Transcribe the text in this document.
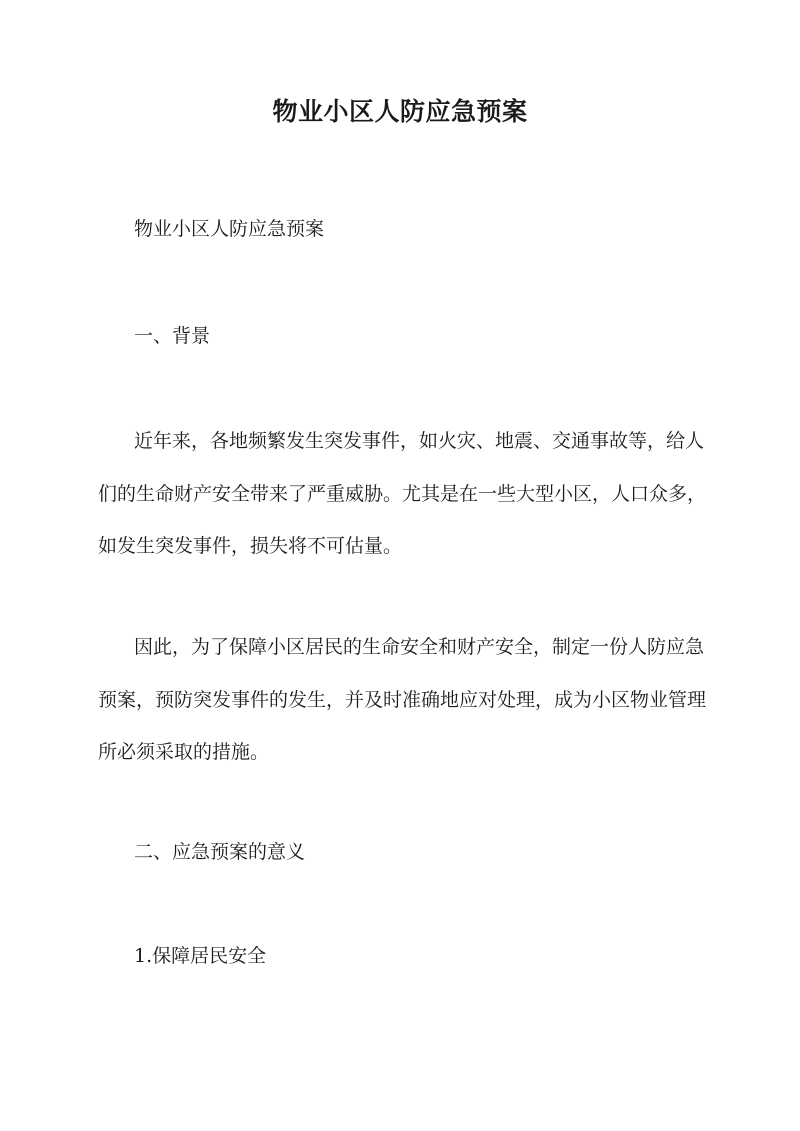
物业小区人防应急预案

物业小区人防应急预案

一、背景

近年来，各地频繁发生突发事件，如火灾、地震、交通事故等，给人
们的生命财产安全带来了严重威胁。尤其是在一些大型小区，人口众多，
如发生突发事件，损失将不可估量。
因此，为了保障小区居民的生命安全和财产安全，制定一份人防应急
预案，预防突发事件的发生，并及时准确地应对处理，成为小区物业管理
所必须采取的措施。

二、应急预案的意义

1.保障居民安全
